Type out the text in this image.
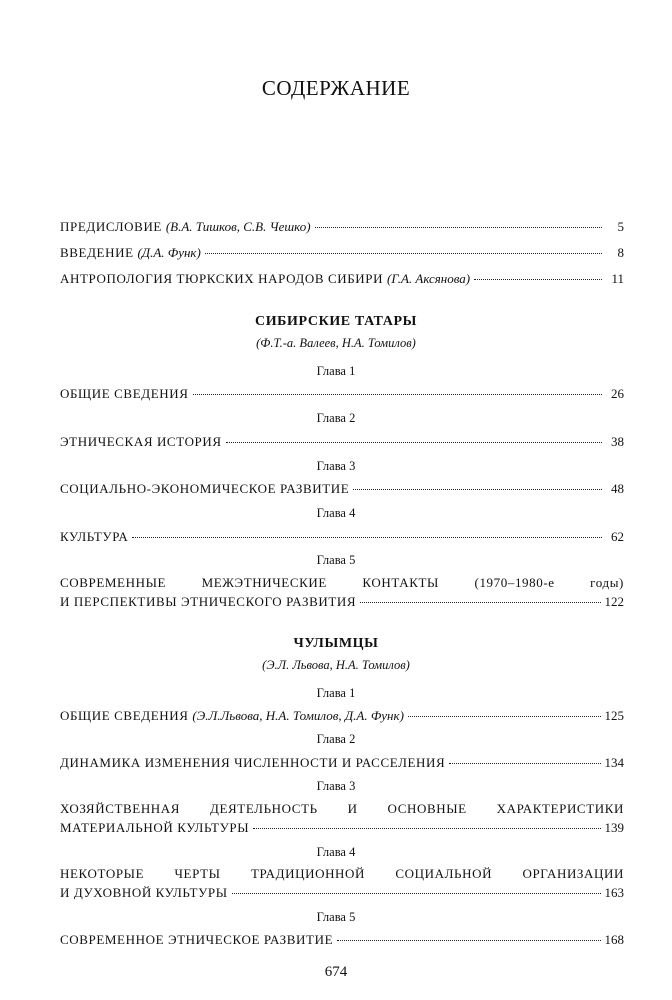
СОДЕРЖАНИЕ
ПРЕДИСЛОВИЕ (В.А. Тишков, С.В. Чешко)	5
ВВЕДЕНИЕ (Д.А. Функ)	8
АНТРОПОЛОГИЯ ТЮРКСКИХ НАРОДОВ СИБИРИ (Г.А. Аксянова)	11
СИБИРСКИЕ ТАТАРЫ
(Ф.Т.-а. Валеев, Н.А. Томилов)
Глава 1
ОБЩИЕ СВЕДЕНИЯ	26
Глава 2
ЭТНИЧЕСКАЯ ИСТОРИЯ	38
Глава 3
СОЦИАЛЬНО-ЭКОНОМИЧЕСКОЕ РАЗВИТИЕ	48
Глава 4
КУЛЬТУРА	62
Глава 5
СОВРЕМЕННЫЕ МЕЖЭТНИЧЕСКИЕ КОНТАКТЫ (1970–1980-е годы)
И ПЕРСПЕКТИВЫ ЭТНИЧЕСКОГО РАЗВИТИЯ	122
ЧУЛЫМЦЫ
(Э.Л. Львова, Н.А. Томилов)
Глава 1
ОБЩИЕ СВЕДЕНИЯ (Э.Л.Львова, Н.А. Томилов, Д.А. Функ)	125
Глава 2
ДИНАМИКА ИЗМЕНЕНИЯ ЧИСЛЕННОСТИ И РАССЕЛЕНИЯ	134
Глава 3
ХОЗЯЙСТВЕННАЯ ДЕЯТЕЛЬНОСТЬ И ОСНОВНЫЕ ХАРАКТЕРИСТИКИ
МАТЕРИАЛЬНОЙ КУЛЬТУРЫ	139
Глава 4
НЕКОТОРЫЕ ЧЕРТЫ ТРАДИЦИОННОЙ СОЦИАЛЬНОЙ ОРГАНИЗАЦИИ
И ДУХОВНОЙ КУЛЬТУРЫ	163
Глава 5
СОВРЕМЕННОЕ ЭТНИЧЕСКОЕ РАЗВИТИЕ	168
674
